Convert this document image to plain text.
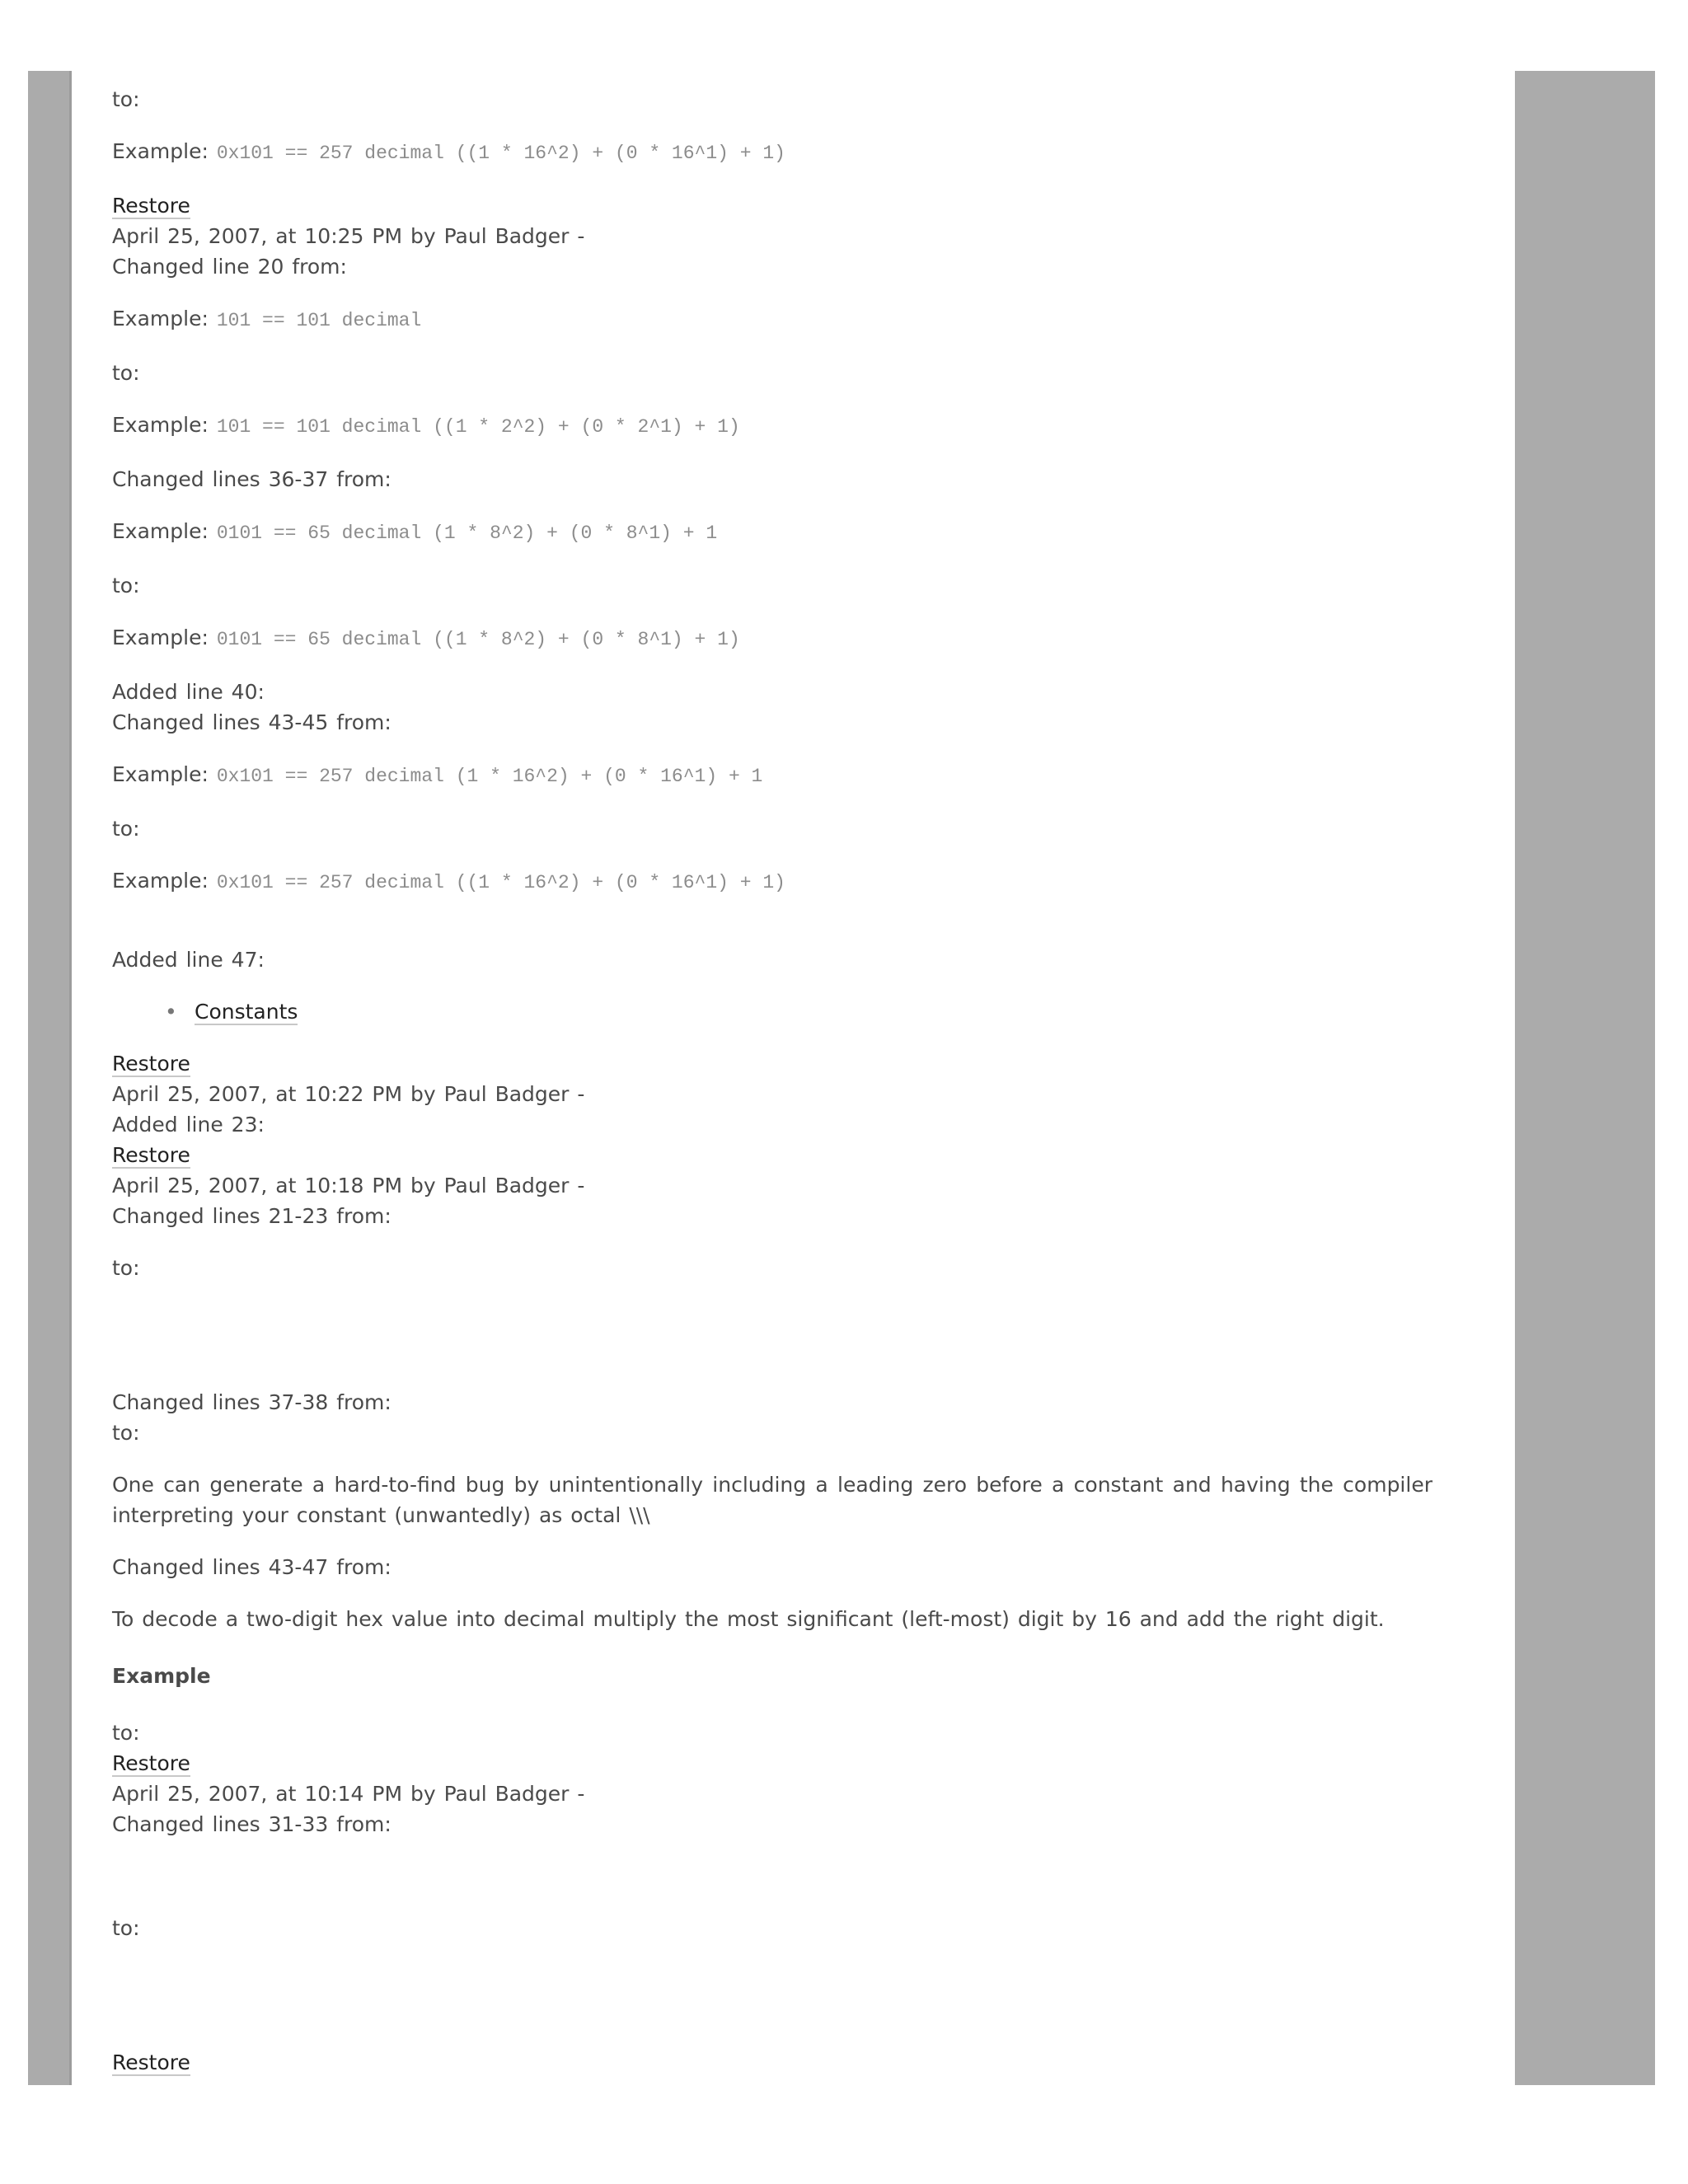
to:

Example: 0x101 == 257 decimal ((1 * 16^2) + (0 * 16^1) + 1)

Restore

April 25, 2007, at 10:25 PM by Paul Badger -

Changed line 20 from:

Example: 101 == 101 decimal

to:

Example: 101 == 101 decimal ((1 * 2^2) + (0 * 2^1) + 1)

Changed lines 36-37 from:

Example: 0101 == 65 decimal (1 * 8^2) + (0 * 8^1) + 1

to:

Example: 0101 == 65 decimal ((1 * 8^2) + (0 * 8^1) + 1)

Added line 40:

Changed lines 43-45 from:

Example: 0x101 == 257 decimal (1 * 16^2) + (0 * 16^1) + 1

to:

Example: 0x101 == 257 decimal ((1 * 16^2) + (0 * 16^1) + 1)

Added line 47:

• Constants

Restore

April 25, 2007, at 10:22 PM by Paul Badger -

Added line 23:

Restore

April 25, 2007, at 10:18 PM by Paul Badger -

Changed lines 21-23 from:

to:

Changed lines 37-38 from:

to:

One can generate a hard-to-find bug by unintentionally including a leading zero before a constant and having the compiler interpreting your constant (unwantedly) as octal \\\

Changed lines 43-47 from:

To decode a two-digit hex value into decimal multiply the most significant (left-most) digit by 16 and add the right digit.

Example

to:

Restore

April 25, 2007, at 10:14 PM by Paul Badger -

Changed lines 31-33 from:

to:

Restore
